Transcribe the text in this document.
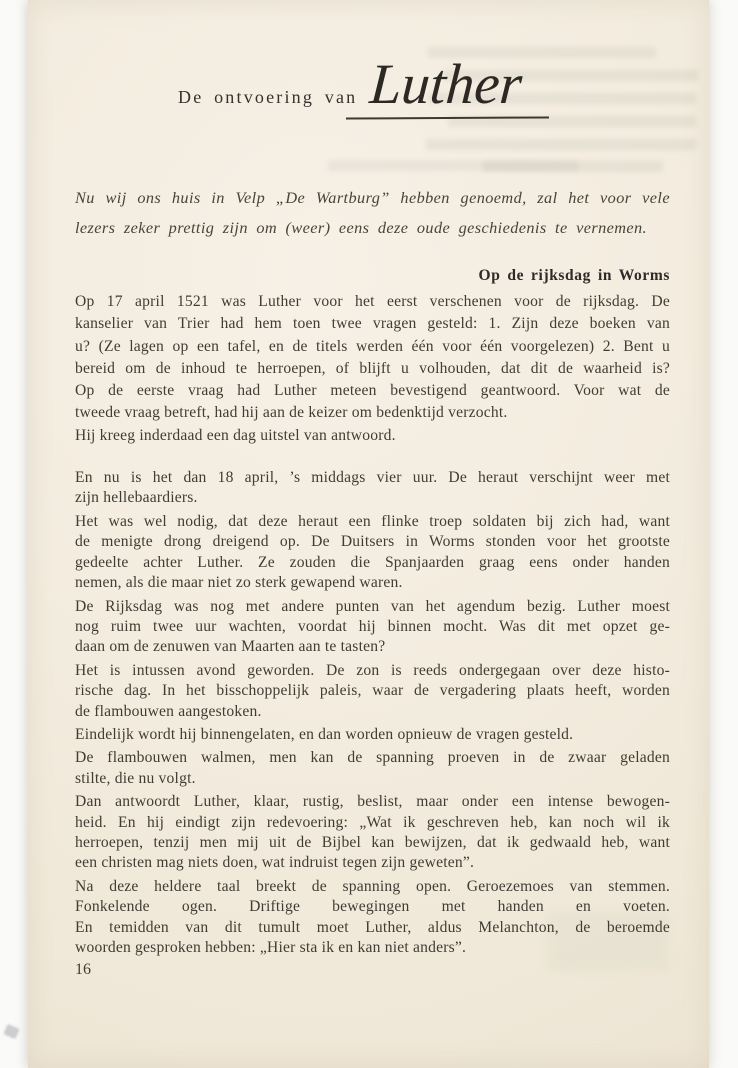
De ontvoering van Luther
Nu wij ons huis in Velp „De Wartburg” hebben genoemd, zal het voor vele
lezers zeker prettig zijn om (weer) eens deze oude geschiedenis te vernemen.
Op de rijksdag in Worms
Op 17 april 1521 was Luther voor het eerst verschenen voor de rijksdag. De
kanselier van Trier had hem toen twee vragen gesteld: 1. Zijn deze boeken van
u? (Ze lagen op een tafel, en de titels werden één voor één voorgelezen) 2. Bent u
bereid om de inhoud te herroepen, of blijft u volhouden, dat dit de waarheid is?
Op de eerste vraag had Luther meteen bevestigend geantwoord. Voor wat de
tweede vraag betreft, had hij aan de keizer om bedenktijd verzocht.
Hij kreeg inderdaad een dag uitstel van antwoord.
En nu is het dan 18 april, ’s middags vier uur. De heraut verschijnt weer met
zijn hellebaardiers.
Het was wel nodig, dat deze heraut een flinke troep soldaten bij zich had, want
de menigte drong dreigend op. De Duitsers in Worms stonden voor het grootste
gedeelte achter Luther. Ze zouden die Spanjaarden graag eens onder handen
nemen, als die maar niet zo sterk gewapend waren.
De Rijksdag was nog met andere punten van het agendum bezig. Luther moest
nog ruim twee uur wachten, voordat hij binnen mocht. Was dit met opzet ge-
daan om de zenuwen van Maarten aan te tasten?
Het is intussen avond geworden. De zon is reeds ondergegaan over deze histo-
rische dag. In het bisschoppelijk paleis, waar de vergadering plaats heeft, worden
de flambouwen aangestoken.
Eindelijk wordt hij binnengelaten, en dan worden opnieuw de vragen gesteld.
De flambouwen walmen, men kan de spanning proeven in de zwaar geladen
stilte, die nu volgt.
Dan antwoordt Luther, klaar, rustig, beslist, maar onder een intense bewogen-
heid. En hij eindigt zijn redevoering: „Wat ik geschreven heb, kan noch wil ik
herroepen, tenzij men mij uit de Bijbel kan bewijzen, dat ik gedwaald heb, want
een christen mag niets doen, wat indruist tegen zijn geweten”.
Na deze heldere taal breekt de spanning open. Geroezemoes van stemmen.
Fonkelende ogen. Driftige bewegingen met handen en voeten.
En temidden van dit tumult moet Luther, aldus Melanchton, de beroemde
woorden gesproken hebben: „Hier sta ik en kan niet anders”.
16
